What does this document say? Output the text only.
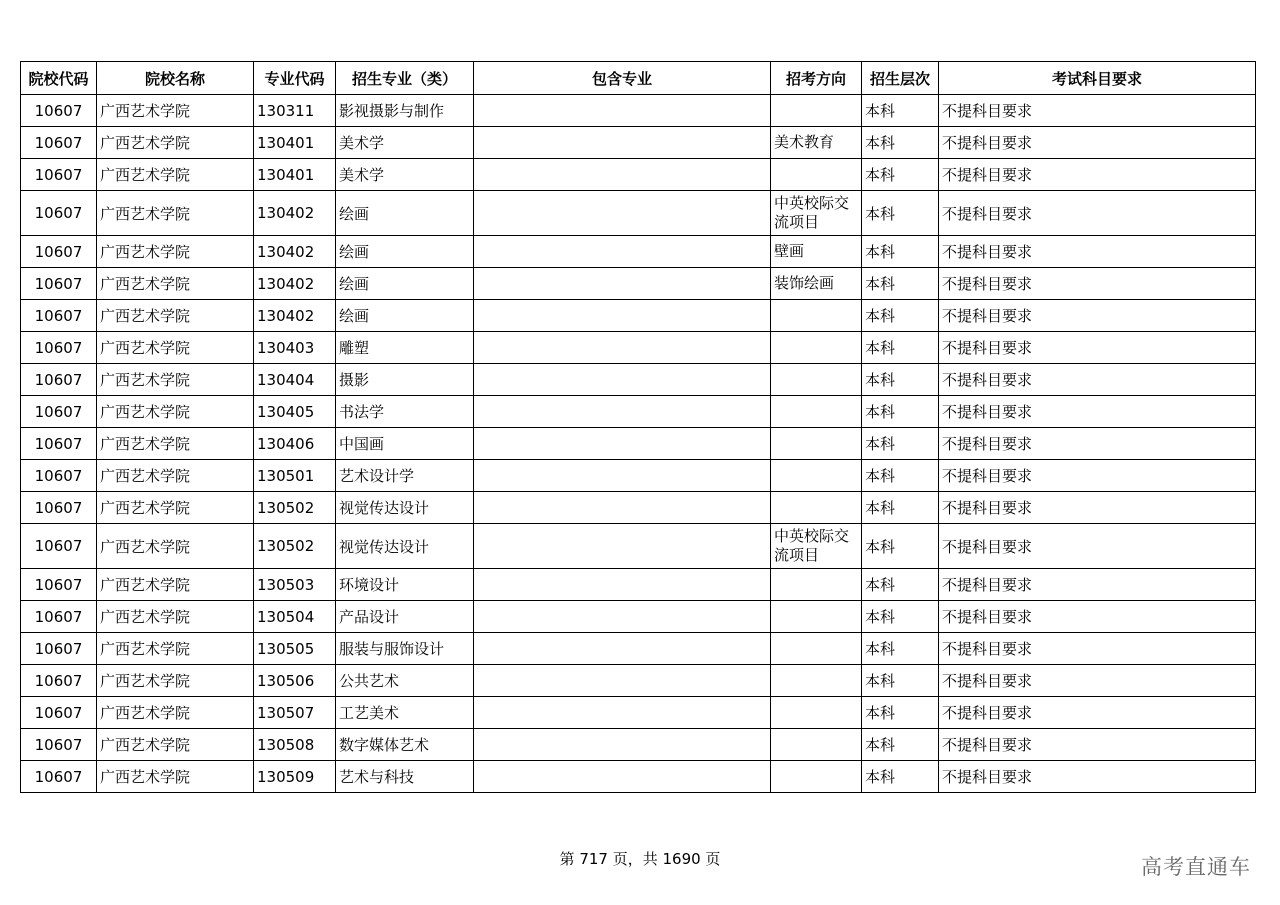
院校代码	院校名称	专业代码	招生专业（类）	包含专业	招考方向	招生层次	考试科目要求
10607	广西艺术学院	130311	影视摄影与制作			本科	不提科目要求
10607	广西艺术学院	130401	美术学		美术教育	本科	不提科目要求
10607	广西艺术学院	130401	美术学			本科	不提科目要求
10607	广西艺术学院	130402	绘画		中英校际交流项目	本科	不提科目要求
10607	广西艺术学院	130402	绘画		壁画	本科	不提科目要求
10607	广西艺术学院	130402	绘画		装饰绘画	本科	不提科目要求
10607	广西艺术学院	130402	绘画			本科	不提科目要求
10607	广西艺术学院	130403	雕塑			本科	不提科目要求
10607	广西艺术学院	130404	摄影			本科	不提科目要求
10607	广西艺术学院	130405	书法学			本科	不提科目要求
10607	广西艺术学院	130406	中国画			本科	不提科目要求
10607	广西艺术学院	130501	艺术设计学			本科	不提科目要求
10607	广西艺术学院	130502	视觉传达设计			本科	不提科目要求
10607	广西艺术学院	130502	视觉传达设计		中英校际交流项目	本科	不提科目要求
10607	广西艺术学院	130503	环境设计			本科	不提科目要求
10607	广西艺术学院	130504	产品设计			本科	不提科目要求
10607	广西艺术学院	130505	服装与服饰设计			本科	不提科目要求
10607	广西艺术学院	130506	公共艺术			本科	不提科目要求
10607	广西艺术学院	130507	工艺美术			本科	不提科目要求
10607	广西艺术学院	130508	数字媒体艺术			本科	不提科目要求
10607	广西艺术学院	130509	艺术与科技			本科	不提科目要求
第 717 页，共 1690 页	高考直通车
